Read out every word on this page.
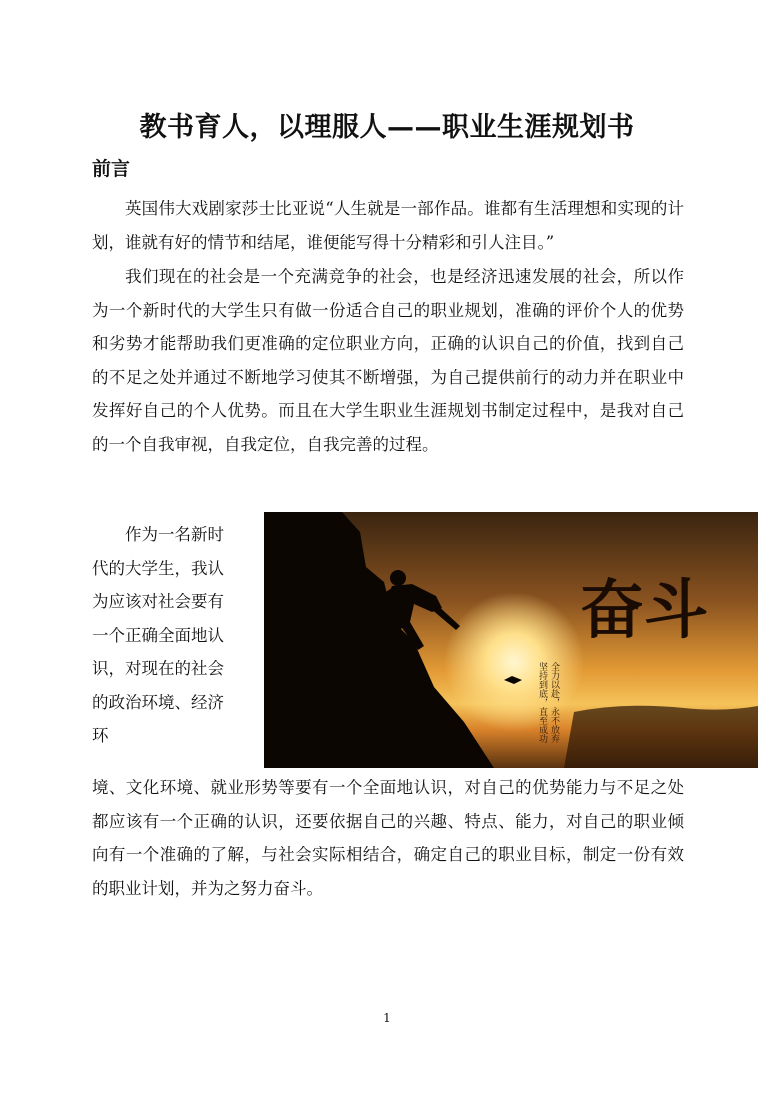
教书育人，以理服人——职业生涯规划书
前言

英国伟大戏剧家莎士比亚说“人生就是一部作品。谁都有生活理想和实现的计划，谁就有好的情节和结尾，谁便能写得十分精彩和引人注目。”

我们现在的社会是一个充满竞争的社会，也是经济迅速发展的社会，所以作为一个新时代的大学生只有做一份适合自己的职业规划，准确的评价个人的优势和劣势才能帮助我们更准确的定位职业方向，正确的认识自己的价值，找到自己的不足之处并通过不断地学习使其不断增强，为自己提供前行的动力并在职业中发挥好自己的个人优势。而且在大学生职业生涯规划书制定过程中，是我对自己的一个自我审视，自我定位，自我完善的过程。

作为一名新时代的大学生，我认为应该对社会要有一个正确全面地认识，对现在的社会的政治环境、经济环

奋斗
全力以赴，永不放弃
坚持到底，直至成功

境、文化环境、就业形势等要有一个全面地认识，对自己的优势能力与不足之处都应该有一个正确的认识，还要依据自己的兴趣、特点、能力，对自己的职业倾向有一个准确的了解，与社会实际相结合，确定自己的职业目标，制定一份有效的职业计划，并为之努力奋斗。

1
